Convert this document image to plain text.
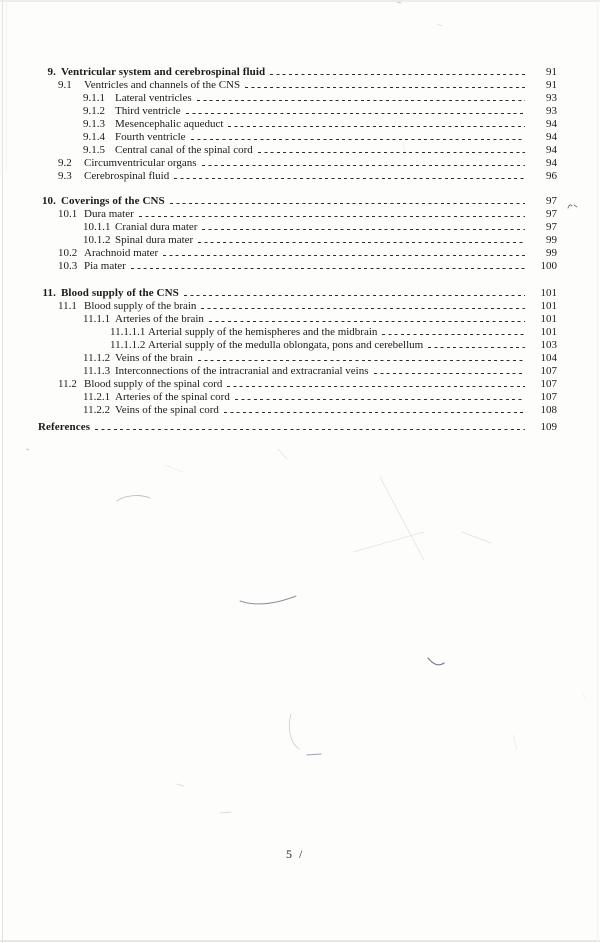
9. Ventricular system and cerebrospinal fluid	91
9.1	Ventricles and channels of the CNS	91
9.1.1 Lateral ventricles	93
9.1.2 Third ventricle	93
9.1.3 Mesencephalic aqueduct	94
9.1.4 Fourth ventricle	94
9.1.5 Central canal of the spinal cord	94
9.2	Circumventricular organs	94
9.3	Cerebrospinal fluid	96
10. Coverings of the CNS	97
10.1 Dura mater	97
10.1.1 Cranial dura mater	97
10.1.2 Spinal dura mater	99
10.2 Arachnoid mater	99
10.3 Pia mater	100
11. Blood supply of the CNS	101
11.1 Blood supply of the brain	101
11.1.1 Arteries of the brain	101
11.1.1.1 Arterial supply of the hemispheres and the midbrain	101
11.1.1.2 Arterial supply of the medulla oblongata, pons and cerebellum	103
11.1.2 Veins of the brain	104
11.1.3 Interconnections of the intracranial and extracranial veins	107
11.2 Blood supply of the spinal cord	107
11.2.1 Arteries of the spinal cord	107
11.2.2 Veins of the spinal cord	108
References	109
5 /
